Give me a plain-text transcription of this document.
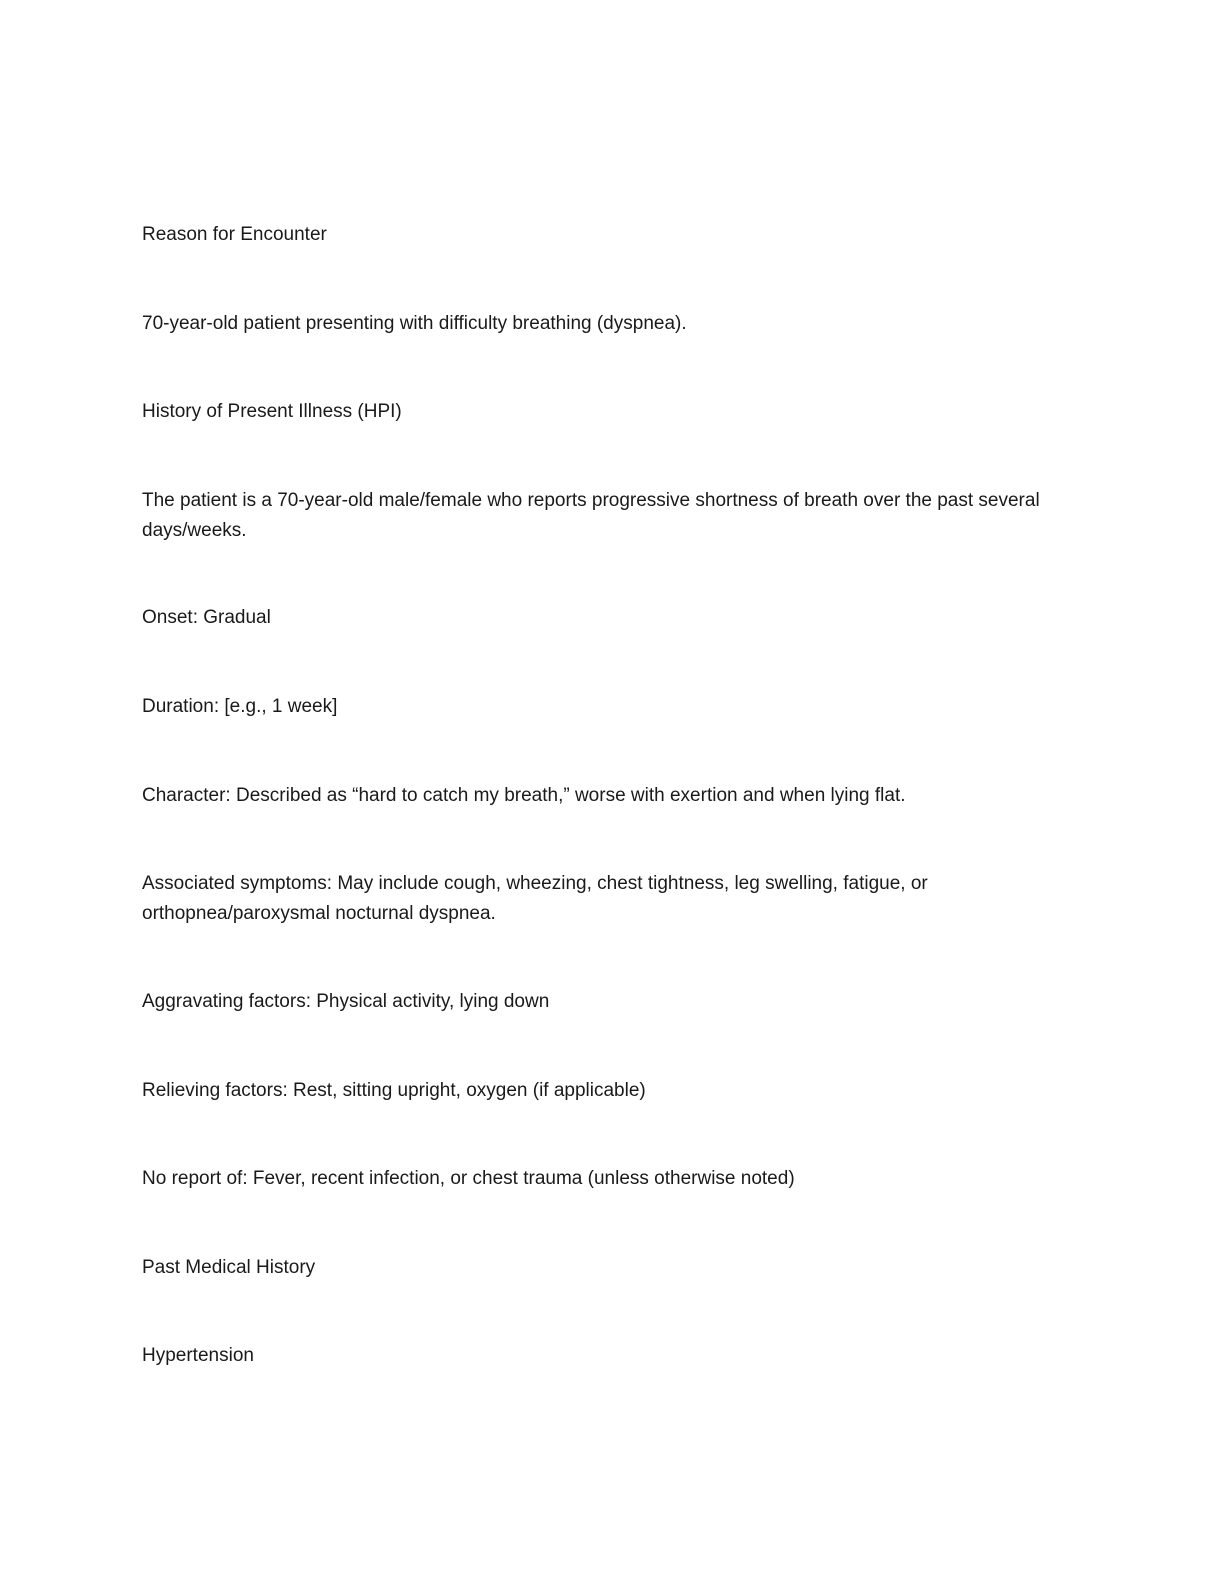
Reason for Encounter

70-year-old patient presenting with difficulty breathing (dyspnea).

History of Present Illness (HPI)

The patient is a 70-year-old male/female who reports progressive shortness of breath over the past several days/weeks.

Onset: Gradual

Duration: [e.g., 1 week]

Character: Described as “hard to catch my breath,” worse with exertion and when lying flat.

Associated symptoms: May include cough, wheezing, chest tightness, leg swelling, fatigue, or orthopnea/paroxysmal nocturnal dyspnea.

Aggravating factors: Physical activity, lying down

Relieving factors: Rest, sitting upright, oxygen (if applicable)

No report of: Fever, recent infection, or chest trauma (unless otherwise noted)

Past Medical History

Hypertension
